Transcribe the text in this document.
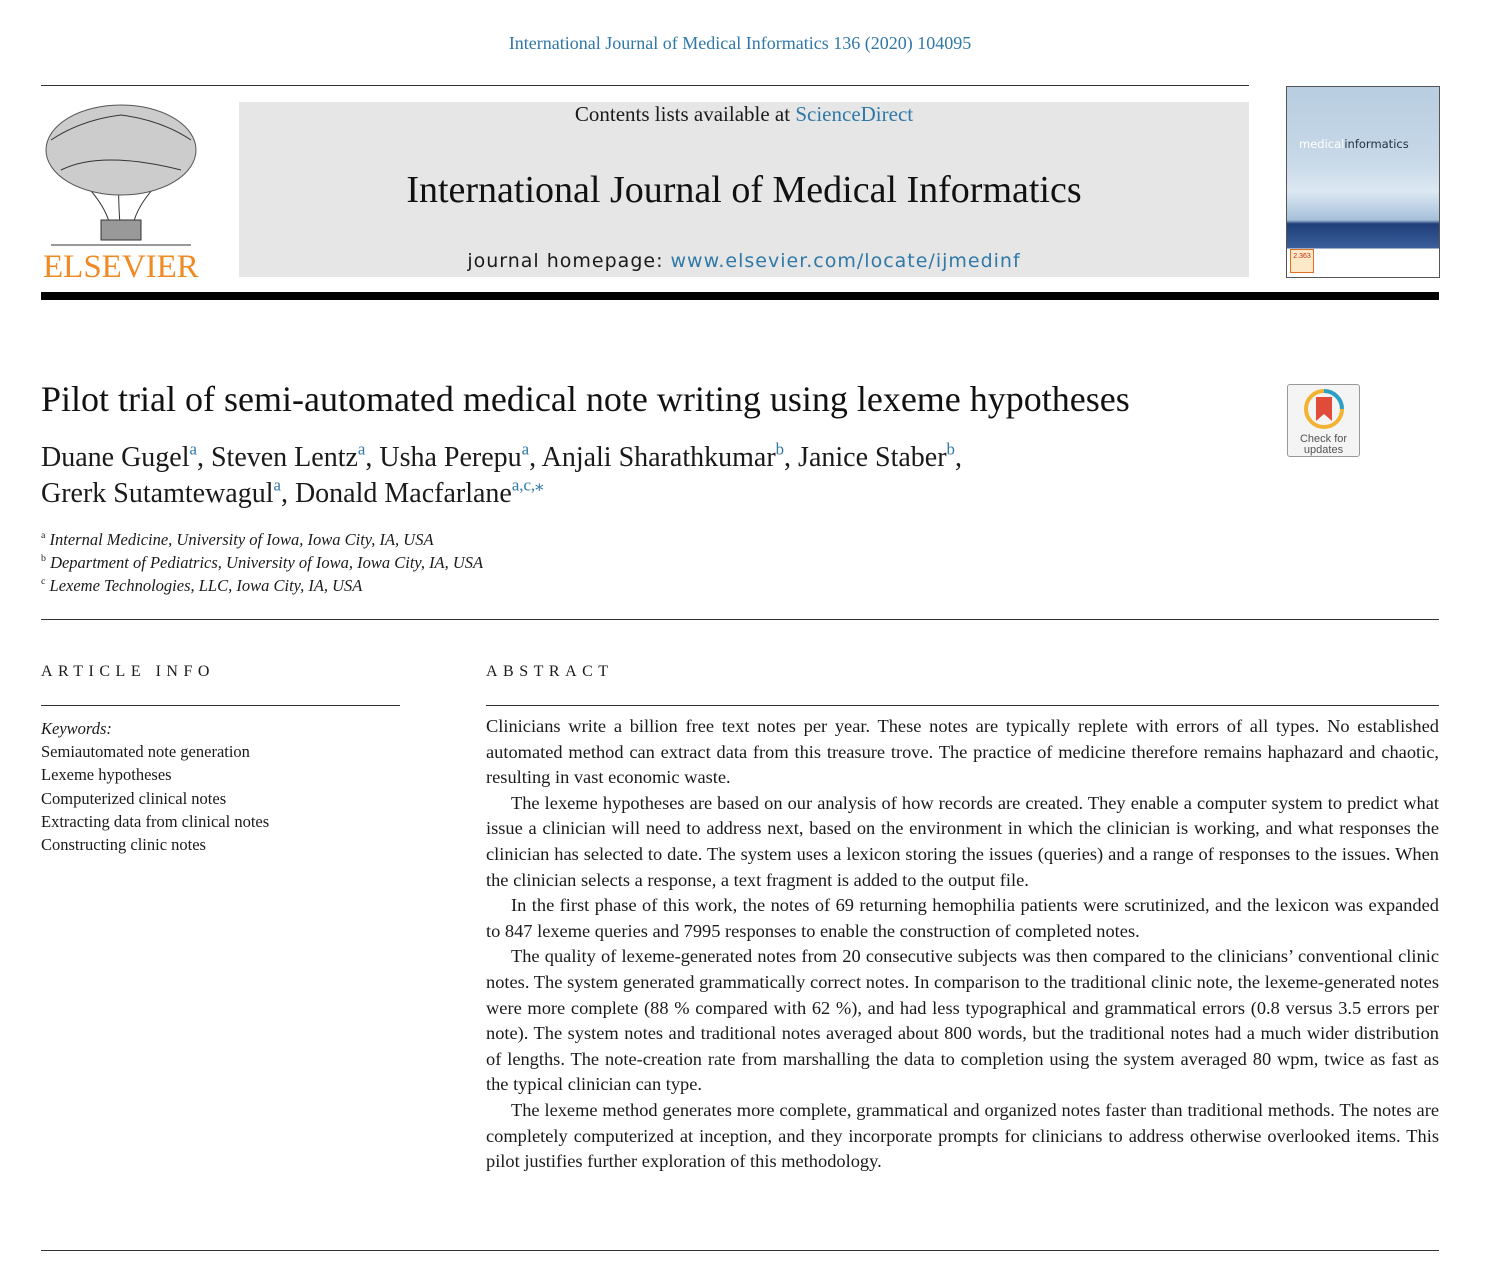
International Journal of Medical Informatics 136 (2020) 104095
ELSEVIER
Contents lists available at ScienceDirect
International Journal of Medical Informatics
journal homepage: www.elsevier.com/locate/ijmedinf
medicalinformatics
2.363
Pilot trial of semi-automated medical note writing using lexeme hypotheses
Check for
updates
Duane Gugel$^a$, Steven Lentz$^a$, Usha Perepu$^a$, Anjali Sharathkumar$^b$, Janice Staber$^b$,
Grerk Sutamtewagul$^a$, Donald Macfarlane$^{a,c,⁎}$
$^a$ Internal Medicine, University of Iowa, Iowa City, IA, USA
$^b$ Department of Pediatrics, University of Iowa, Iowa City, IA, USA
$^c$ Lexeme Technologies, LLC, Iowa City, IA, USA
ARTICLE INFO
Keywords:
Semiautomated note generation
Lexeme hypotheses
Computerized clinical notes
Extracting data from clinical notes
Constructing clinic notes
ABSTRACT

Clinicians write a billion free text notes per year. These notes are typically replete with errors of all types. No established automated method can extract data from this treasure trove. The practice of medicine therefore remains haphazard and chaotic, resulting in vast economic waste.

The lexeme hypotheses are based on our analysis of how records are created. They enable a computer system to predict what issue a clinician will need to address next, based on the environment in which the clinician is working, and what responses the clinician has selected to date. The system uses a lexicon storing the issues (queries) and a range of responses to the issues. When the clinician selects a response, a text fragment is added to the output file.

In the first phase of this work, the notes of 69 returning hemophilia patients were scrutinized, and the lexicon was expanded to 847 lexeme queries and 7995 responses to enable the construction of completed notes.

The quality of lexeme-generated notes from 20 consecutive subjects was then compared to the clinicians’ conventional clinic notes. The system generated grammatically correct notes. In comparison to the traditional clinic note, the lexeme-generated notes were more complete (88 % compared with 62 %), and had less typographical and grammatical errors (0.8 versus 3.5 errors per note). The system notes and traditional notes averaged about 800 words, but the traditional notes had a much wider distribution of lengths. The note-creation rate from marshalling the data to completion using the system averaged 80 wpm, twice as fast as the typical clinician can type.

The lexeme method generates more complete, grammatical and organized notes faster than traditional methods. The notes are completely computerized at inception, and they incorporate prompts for clinicians to address otherwise overlooked items. This pilot justifies further exploration of this methodology.
